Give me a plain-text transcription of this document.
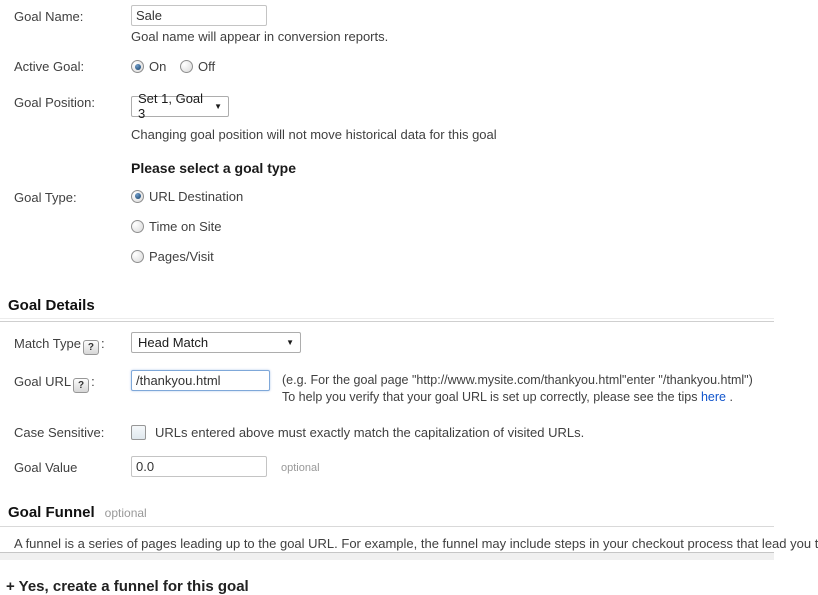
Goal Name:
Sale
Goal name will appear in conversion reports.
Active Goal:	On
Off
Goal Position:	Set 1, Goal 3	▼
Changing goal position will not move historical data for this goal
Please select a goal type
Goal Type:	URL Destination
Time on Site
Pages/Visit
Goal Details
Match Type ? :	Head Match	▼
Goal URL ? :
/thankyou.html	(e.g. For the goal page "http://www.mysite.com/thankyou.html"enter "/thankyou.html")
To help you verify that your goal URL is set up correctly, please see the tips here .
Case Sensitive:	URLs entered above must exactly match the capitalization of visited URLs.
Goal Value
0.0	optional
Goal Funnel optional
A funnel is a series of pages leading up to the goal URL. For example, the funnel may include steps in your checkout process that lead you t
+ Yes, create a funnel for this goal
